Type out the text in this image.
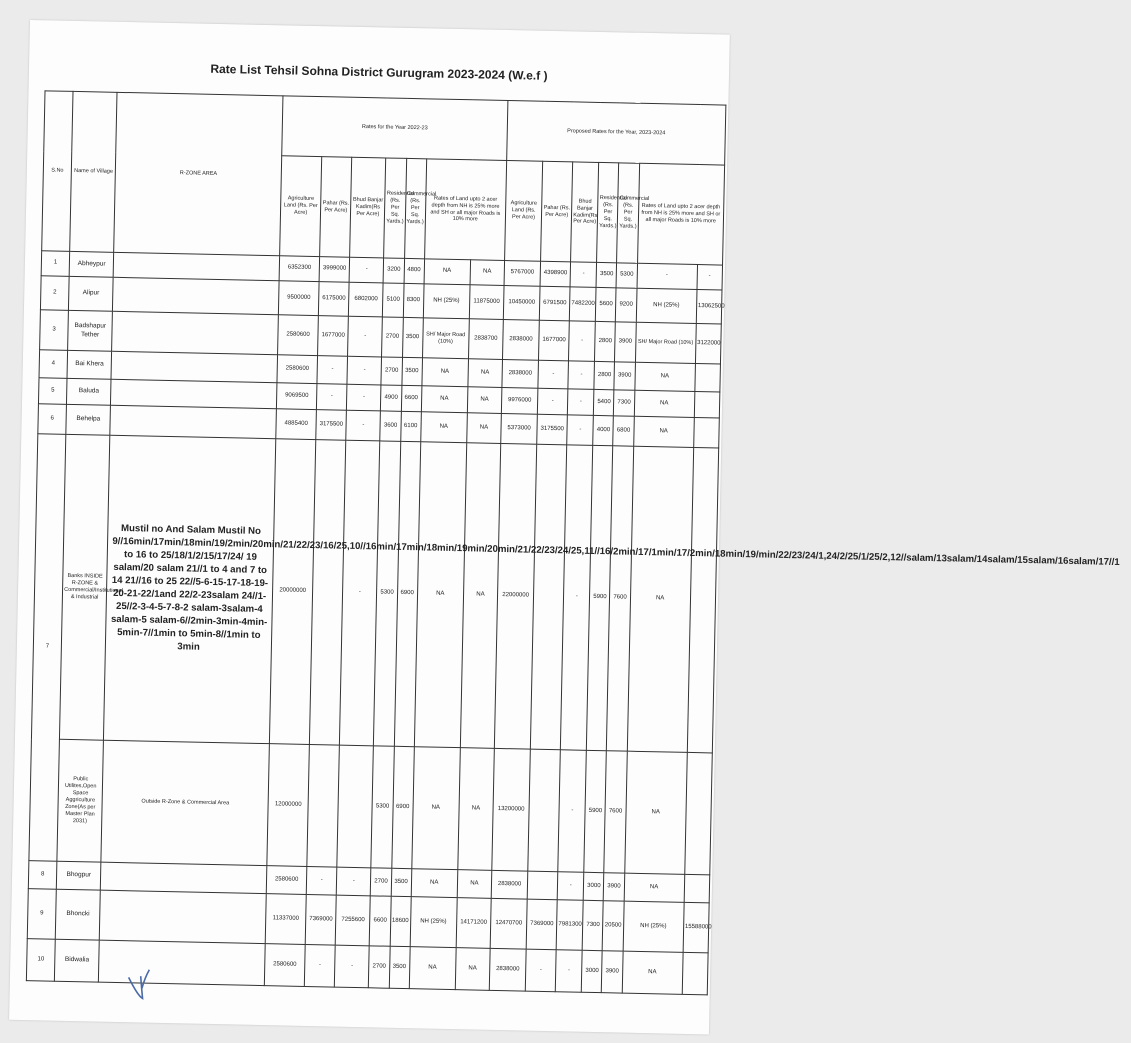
Rate List Tehsil Sohna District Gurugram 2023-2024 (W.e.f )
S.No	Name of Village	R-ZONE AREA	Rates for the Year 2022-23							Proposed Rates for the Year, 2023-2024						
			Agriculture Land (Rs. Per Acre)	Pahar (Rs. Per Acre)	Bhud Banjar Kadim(Rs Per Acre)	Residential (Rs. Per Sq. Yards.)	Commercial (Rs. Per Sq. Yards.)	Rates of Land upto 2 acer depth from NH is 25% more and SH or all major Roads is 10% more		Agriculture Land (Rs. Per Acre)	Pahar (Rs. Per Acre)	Bhud Banjar Kadim(Rs Per Acre)	Residential (Rs. Per Sq. Yards.)	Commercial (Rs. Per Sq. Yards.)	Rates of Land upto 2 acer depth from NH is 25% more and SH or all major Roads is 10% more	
1	Abheypur		6352300	3999000	-	3200	4800	NA	NA	5767000	4398900	-	3500	5300	-	-
2	Alipur		9500000	6175000	6802000	5100	8300	NH (25%)	11875000	10450000	6791500	7482200	5600	9200	NH (25%)	13062500
3	Badshapur Tether		2580600	1677000	-	2700	3500	SH/ Major Road (10%)	2838700	2838000	1677000	-	2800	3900	SH/ Major Road (10%)	3122000
4	Bai Khera		2580600	-	-	2700	3500	NA	NA	2838000	-	-	2800	3900	NA	
5	Baluda		9069500	-	-	4900	6600	NA	NA	9976000	-	-	5400	7300	NA	
6	Behelpa		4885400	3175500	-	3600	6100	NA	NA	5373000	3175500	-	4000	6800	NA	
7	Banks INSIDE R-ZONE & Commercial/Institutional & Industrial	Mustil no And Salam Mustil No 9//16min/17min/18min/19/2min/20min/21/22/23/16/25,10//16min/17min/18min/19min/20min/21/22/23/24/25,11//16/2min/17/1min/17/2min/18min/19/min/22/23/24/1,24/2/25/1/25/2,12//salam/13salam/14salam/15salam/16salam/17//1 to 16 to 25/18/1/2/15/17/24/ 19 salam/20 salam 21//1 to 4 and 7 to 14 21//16 to 25 22//5-6-15-17-18-19-20-21-22/1and 22/2-23salam 24//1-25//2-3-4-5-7-8-2 salam-3salam-4 salam-5 salam-6//2min-3min-4min-5min-7//1min to 5min-8//1min to 3min	20000000		-	5300	6900	NA	NA	22000000		-	5900	7600	NA	
	Public Utilites,Open Space Aggriculture Zone(As per Master Plan 2031)	Outside R-Zone & Commercial Area	12000000			5300	6900	NA	NA	13200000		-	5900	7600	NA	
8	Bhogpur		2580600	-	-	2700	3500	NA	NA	2838000		-	3000	3900	NA	
9	Bhoncki		11337000	7369000	7255600	6600	18600	NH (25%)	14171200	12470700	7369000	7981300	7300	20500	NH (25%)	15588000
10	Bidwalia		2580600	-	-	2700	3500	NA	NA	2838000	-	-	3000	3900	NA	
